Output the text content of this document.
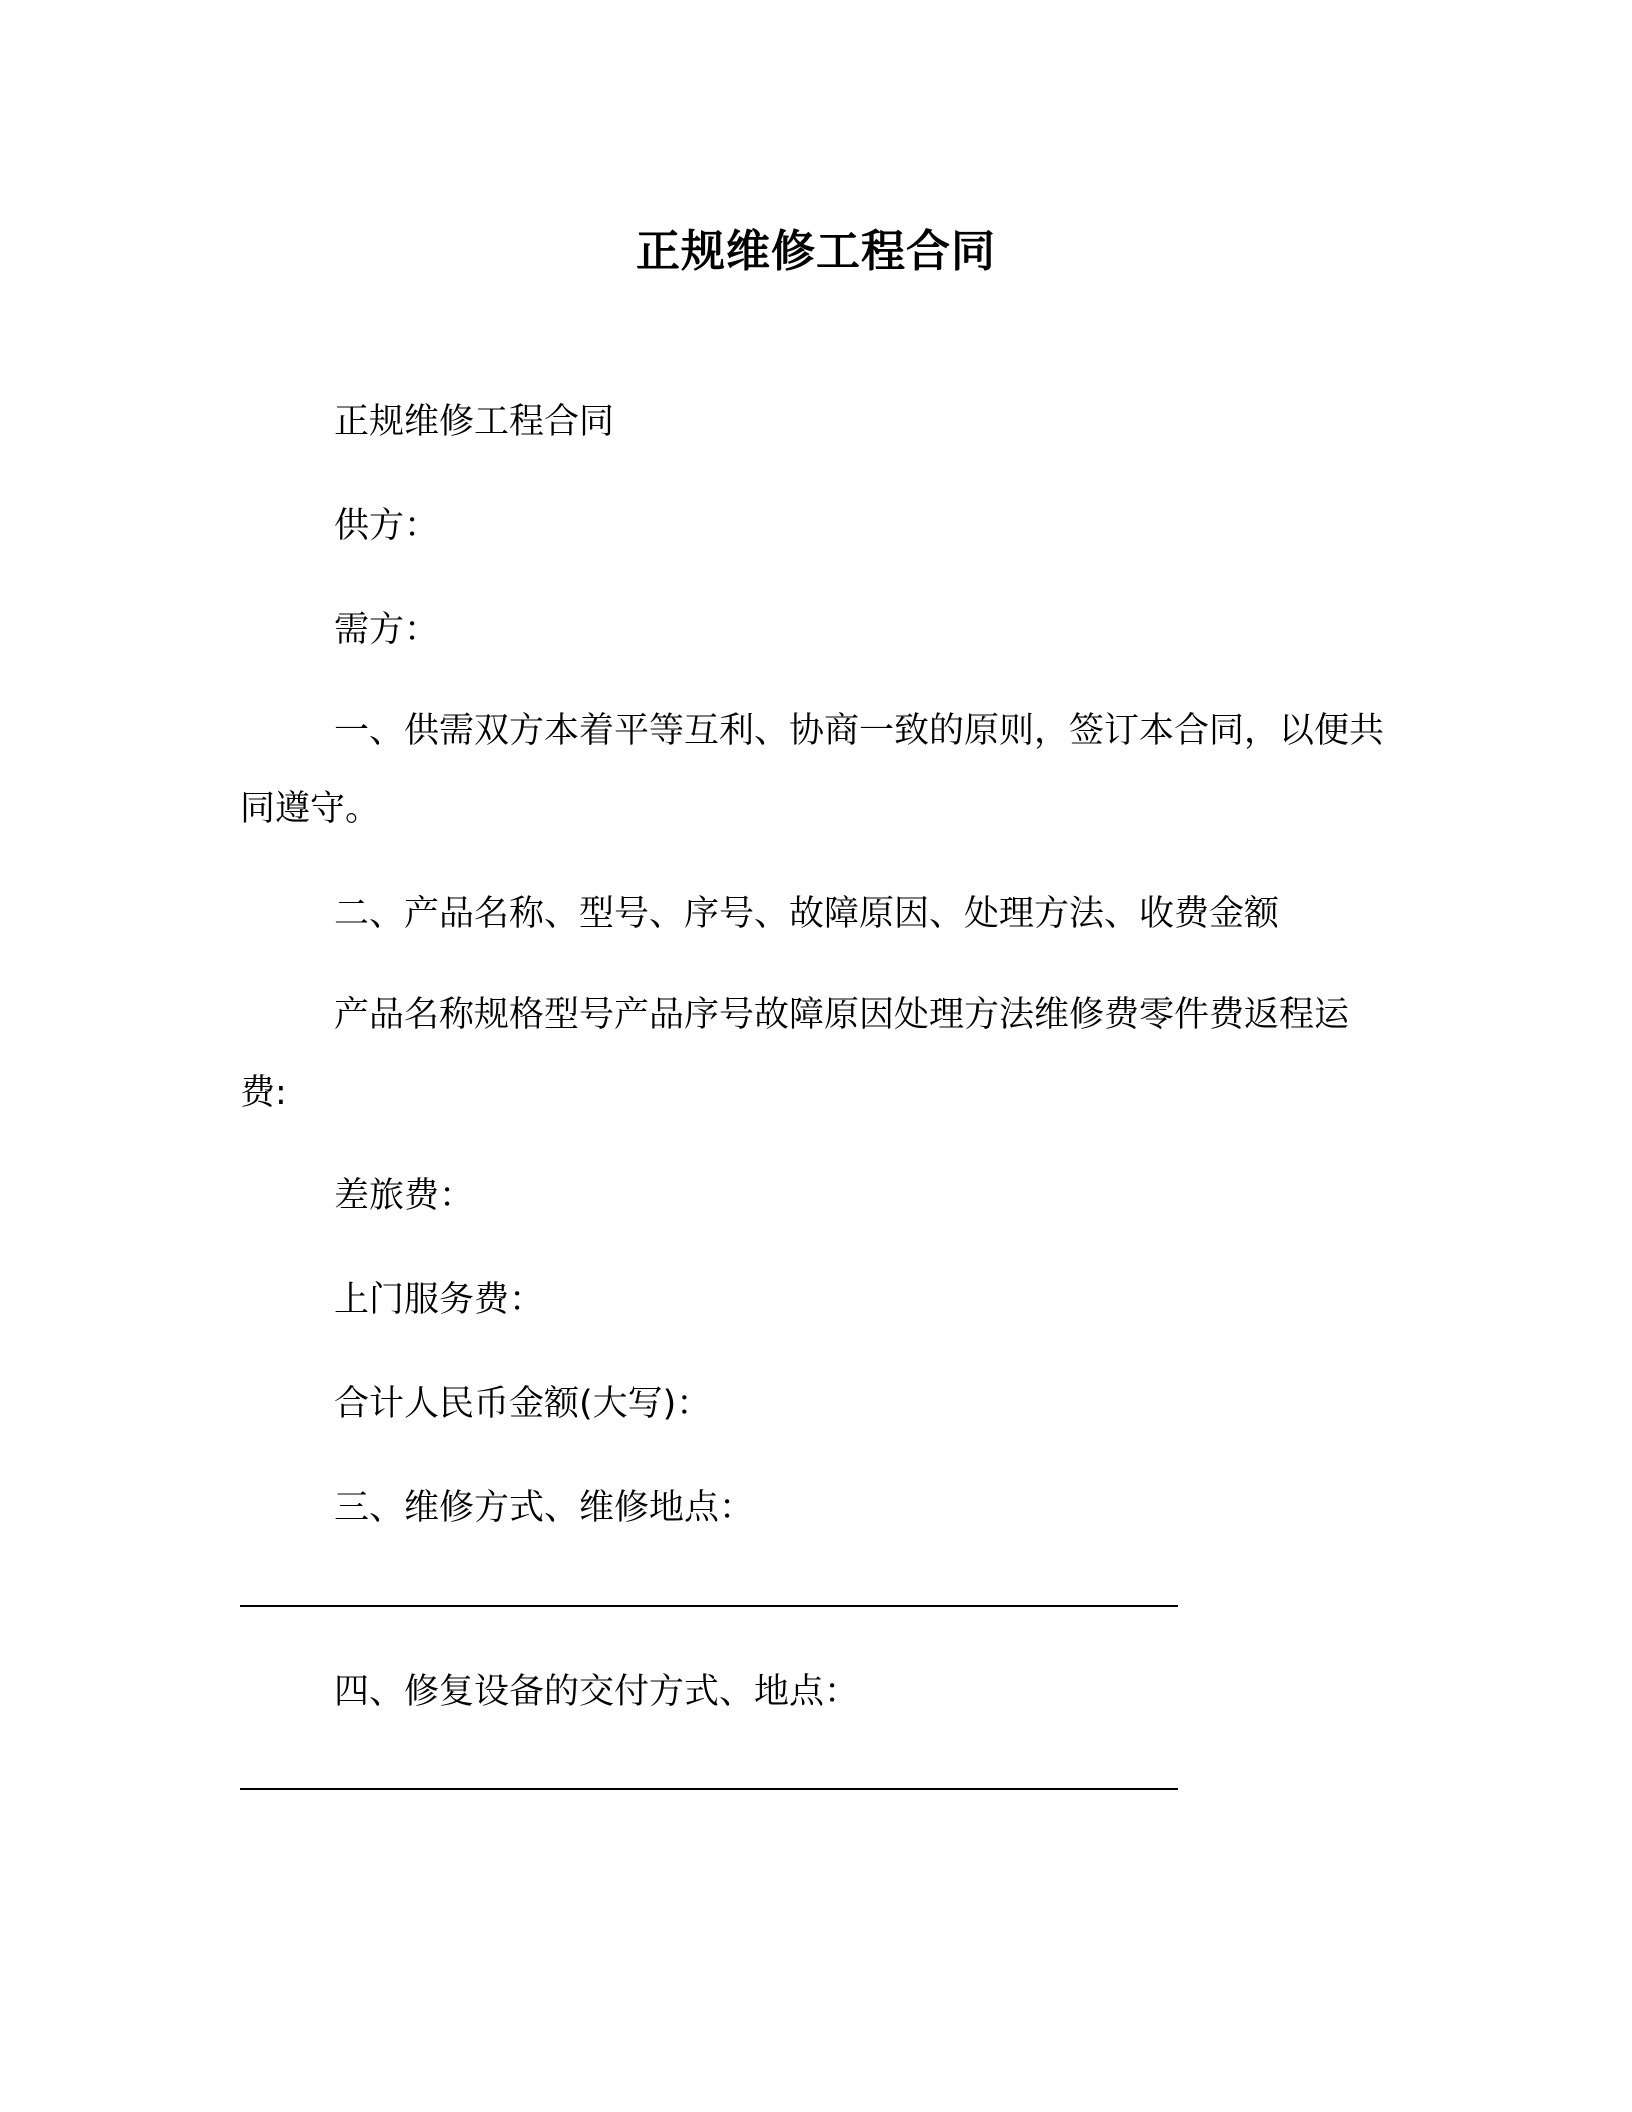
正规维修工程合同
正规维修工程合同
供方：
需方：
一、供需双方本着平等互利、协商一致的原则，签订本合同，以便共同遵守。
二、产品名称、型号、序号、故障原因、处理方法、收费金额
产品名称规格型号产品序号故障原因处理方法维修费零件费返程运费:
差旅费：
上门服务费：
合计人民币金额(大写)：
三、维修方式、维修地点：
四、修复设备的交付方式、地点：
